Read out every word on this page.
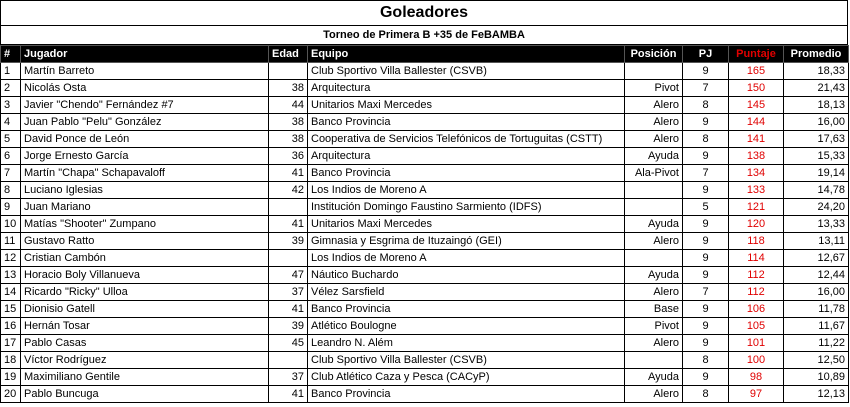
Goleadores
Torneo de Primera B +35 de FeBAMBA
#	Jugador	Edad	Equipo	Posición	PJ	Puntaje	Promedio
1	Martín Barreto		Club Sportivo Villa Ballester (CSVB)		9	165	18,33
2	Nicolás Osta	38	Arquitectura	Pivot	7	150	21,43
3	Javier "Chendo" Fernández #7	44	Unitarios Maxi Mercedes	Alero	8	145	18,13
4	Juan Pablo "Pelu" González	38	Banco Provincia	Alero	9	144	16,00
5	David Ponce de León	38	Cooperativa de Servicios Telefónicos de Tortuguitas (CSTT)	Alero	8	141	17,63
6	Jorge Ernesto García	36	Arquitectura	Ayuda	9	138	15,33
7	Martín "Chapa" Schapavaloff	41	Banco Provincia	Ala-Pivot	7	134	19,14
8	Luciano Iglesias	42	Los Indios de Moreno A		9	133	14,78
9	Juan Mariano		Institución Domingo Faustino Sarmiento (IDFS)		5	121	24,20
10	Matías "Shooter" Zumpano	41	Unitarios Maxi Mercedes	Ayuda	9	120	13,33
11	Gustavo Ratto	39	Gimnasia y Esgrima de Ituzaingó (GEI)	Alero	9	118	13,11
12	Cristian Cambón		Los Indios de Moreno A		9	114	12,67
13	Horacio Boly Villanueva	47	Náutico Buchardo	Ayuda	9	112	12,44
14	Ricardo "Ricky" Ulloa	37	Vélez Sarsfield	Alero	7	112	16,00
15	Dionisio Gatell	41	Banco Provincia	Base	9	106	11,78
16	Hernán Tosar	39	Atlético Boulogne	Pivot	9	105	11,67
17	Pablo Casas	45	Leandro N. Além	Alero	9	101	11,22
18	Víctor Rodríguez		Club Sportivo Villa Ballester (CSVB)		8	100	12,50
19	Maximiliano Gentile	37	Club Atlético Caza y Pesca (CACyP)	Ayuda	9	98	10,89
20	Pablo Buncuga	41	Banco Provincia	Alero	8	97	12,13
